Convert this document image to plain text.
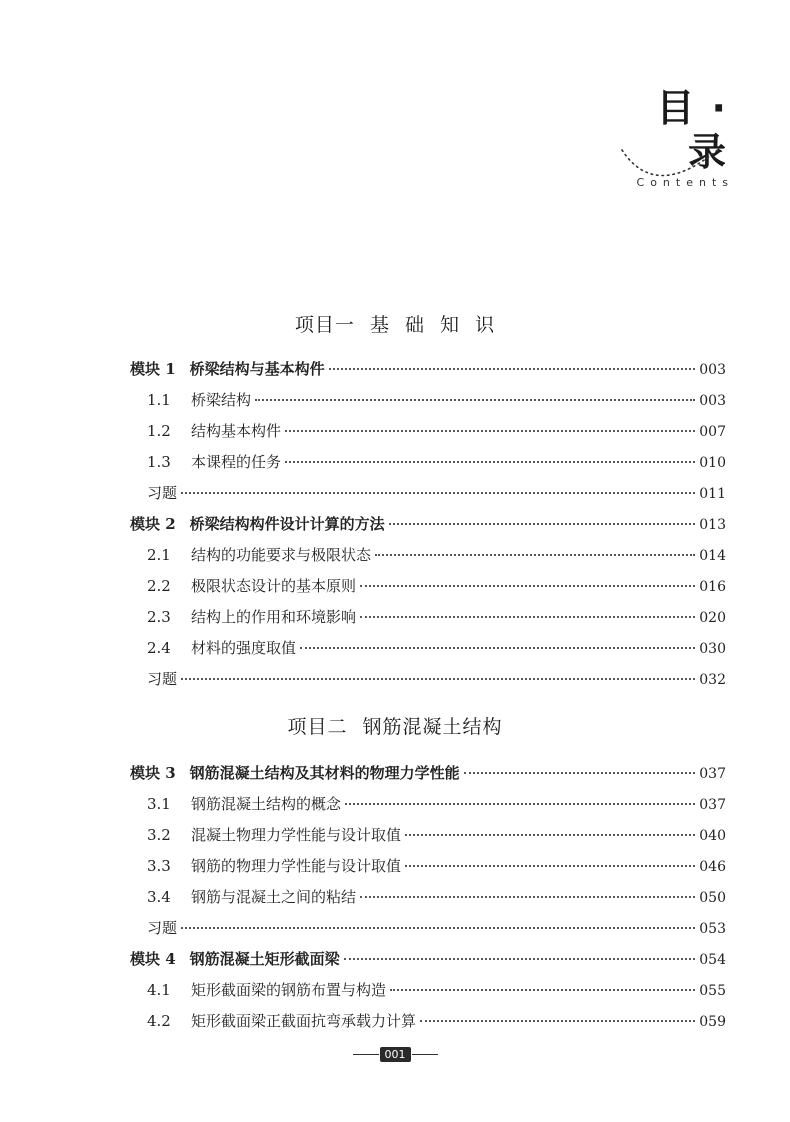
目 · 录
Contents
项目一 基 础 知 识
模块 1 桥梁结构与基本构件	003
1.1	桥梁结构	003
1.2	结构基本构件	007
1.3	本课程的任务	010
习题	011
模块 2 桥梁结构构件设计计算的方法	013
2.1	结构的功能要求与极限状态	014
2.2	极限状态设计的基本原则	016
2.3	结构上的作用和环境影响	020
2.4	材料的强度取值	030
习题	032
项目二 钢筋混凝土结构
模块 3 钢筋混凝土结构及其材料的物理力学性能	037
3.1	钢筋混凝土结构的概念	037
3.2	混凝土物理力学性能与设计取值	040
3.3	钢筋的物理力学性能与设计取值	046
3.4	钢筋与混凝土之间的粘结	050
习题	053
模块 4 钢筋混凝土矩形截面梁	054
4.1	矩形截面梁的钢筋布置与构造	055
4.2	矩形截面梁正截面抗弯承载力计算	059
001
